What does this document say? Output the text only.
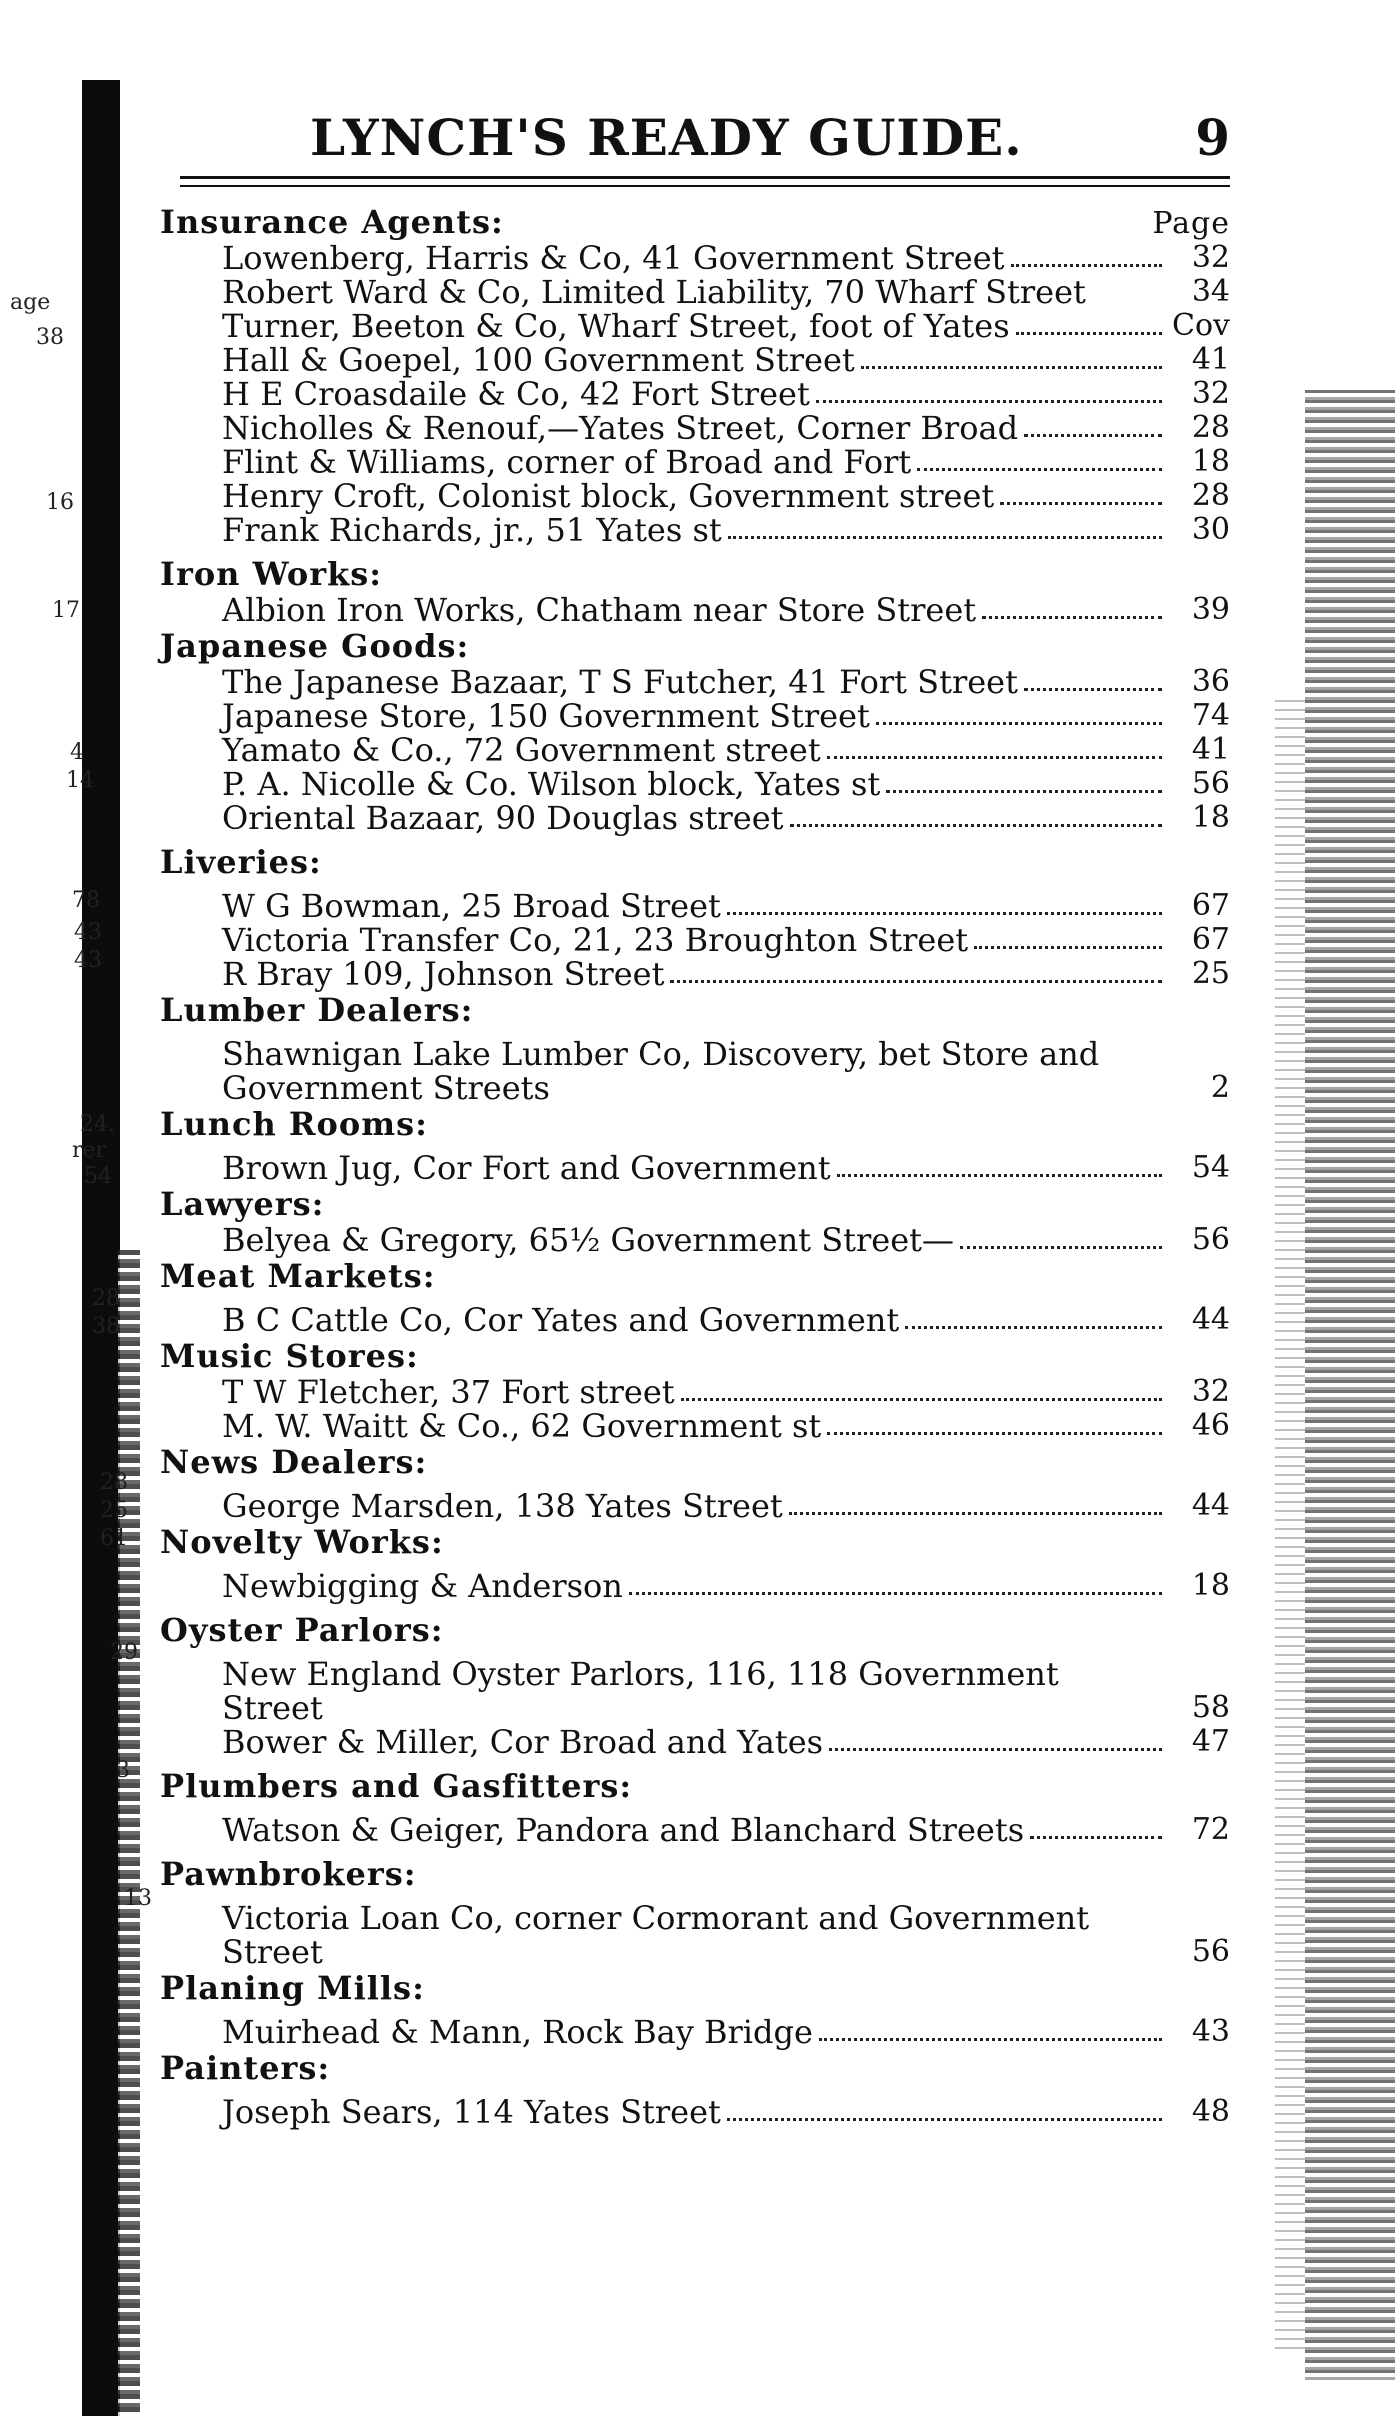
age
38
16
17
4
14
78
43
43
24.
rer
54
28
38
28
25
61
29
3
13
LYNCH'S READY GUIDE.	9
Insurance Agents:	Page
Lowenberg, Harris & Co, 41 Government Street	32
Robert Ward & Co, Limited Liability, 70 Wharf Street	34
Turner, Beeton & Co, Wharf Street, foot of Yates	Cov
Hall & Goepel, 100 Government Street	41
H E Croasdaile & Co, 42 Fort Street	32
Nicholles & Renouf,—Yates Street, Corner Broad	28
Flint & Williams, corner of Broad and Fort	18
Henry Croft, Colonist block, Government street	28
Frank Richards, jr., 51 Yates st	30
Iron Works:
Albion Iron Works, Chatham near Store Street	39
Japanese Goods:
The Japanese Bazaar, T S Futcher, 41 Fort Street	36
Japanese Store, 150 Government Street	74
Yamato & Co., 72 Government street	41
P. A. Nicolle & Co. Wilson block, Yates st	56
Oriental Bazaar, 90 Douglas street	18
Liveries:
W G Bowman, 25 Broad Street	67
Victoria Transfer Co, 21, 23 Broughton Street	67
R Bray 109, Johnson Street	25
Lumber Dealers:
Shawnigan Lake Lumber Co, Discovery, bet Store and Government Streets	2
Lunch Rooms:
Brown Jug, Cor Fort and Government	54
Lawyers:
Belyea & Gregory, 65½ Government Street—	56
Meat Markets:
B C Cattle Co, Cor Yates and Government	44
Music Stores:
T W Fletcher, 37 Fort street	32
M. W. Waitt & Co., 62 Government st	46
News Dealers:
George Marsden, 138 Yates Street	44
Novelty Works:
Newbigging & Anderson	18
Oyster Parlors:
New England Oyster Parlors, 116, 118 Government Street	58
Bower & Miller, Cor Broad and Yates	47
Plumbers and Gasfitters:
Watson & Geiger, Pandora and Blanchard Streets	72
Pawnbrokers:
Victoria Loan Co, corner Cormorant and Government Street	56
Planing Mills:
Muirhead & Mann, Rock Bay Bridge	43
Painters:
Joseph Sears, 114 Yates Street	48
